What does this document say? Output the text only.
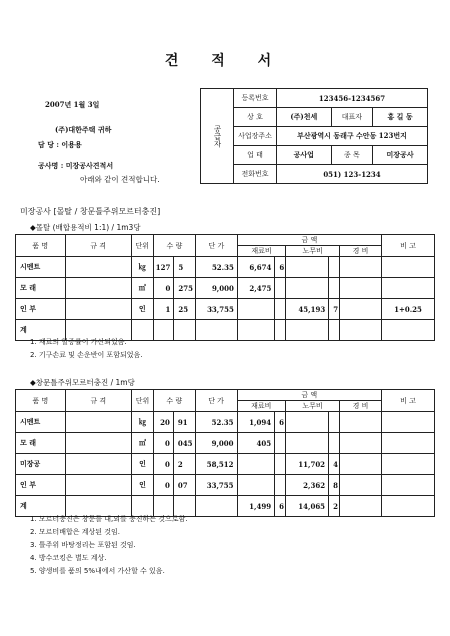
견 적 서
2007년 1월 3일
(주)대한주택 귀하
담 당 : 이용용
공사명 : 미장공사견적서
아래와 같이 견적합니다.
공급자	등록번호	123456-1234567		
	상 호	(주)천세	대표자	홍 길 동
	사업장주소	부산광역시 동래구 수안동 123번지		
	업 태	공사업	종 목	미장공사
	전화번호	051) 123-1234		
미장공사 [몰탈 / 창문틀주위모르터충진]
◆몰탈 (배합용적비 1:1) / 1m3당
품 명	규 격	단위	수 량		단 가	금 액					비 고
						재료비		노무비		경 비	
시멘트		㎏	127	5	52.35	6,674	6				
모 래		㎥	0	275	9,000	2,475					
인 부		인	1	25	33,755			45,193	7		1+0.25
계											
1. 재료의 할증률이 가산되었음.
2. 기구손료 및 손운반이 포함되었음.
◆창문틀주위모르터충진 / 1m당
품 명	규 격	단위	수 량		단 가	금 액					비 고
						재료비		노무비		경 비	
시멘트		㎏	20	91	52.35	1,094	6				
모 래		㎥	0	045	9,000	405					
미장공		인	0	2	58,512			11,702	4		
인 부		인	0	07	33,755			2,362	8		
계						1,499	6	14,065	2		
1. 모르터충진은 창문틀 내,외를 충진하는 것으로함.
2. 모르터배합은 계상된 것임.
3. 틀주위 바탕정리는 포함된 것임.
4. 방수코킹은 별도 계상.
5. 양생비를 품의 5%내에서 가산할 수 있음.
